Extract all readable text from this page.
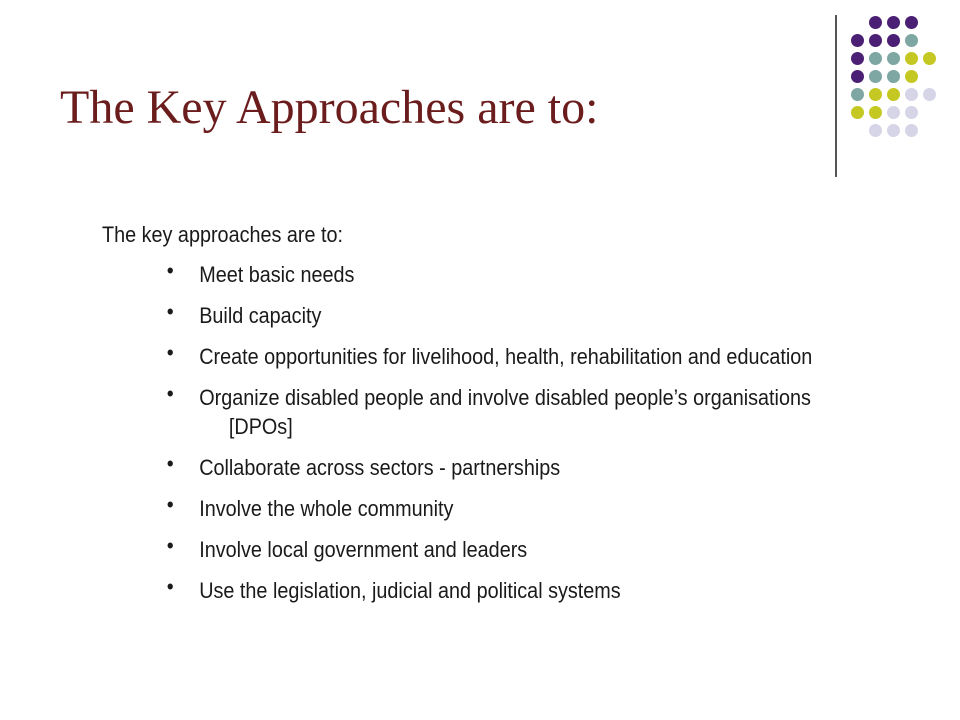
The Key Approaches are to:

The key approaches are to:

• Meet basic needs
• Build capacity
• Create opportunities for livelihood, health, rehabilitation and education
• Organize disabled people and involve disabled people’s organisations
[DPOs]
• Collaborate across sectors - partnerships
• Involve the whole community
• Involve local government and leaders
• Use the legislation, judicial and political systems
